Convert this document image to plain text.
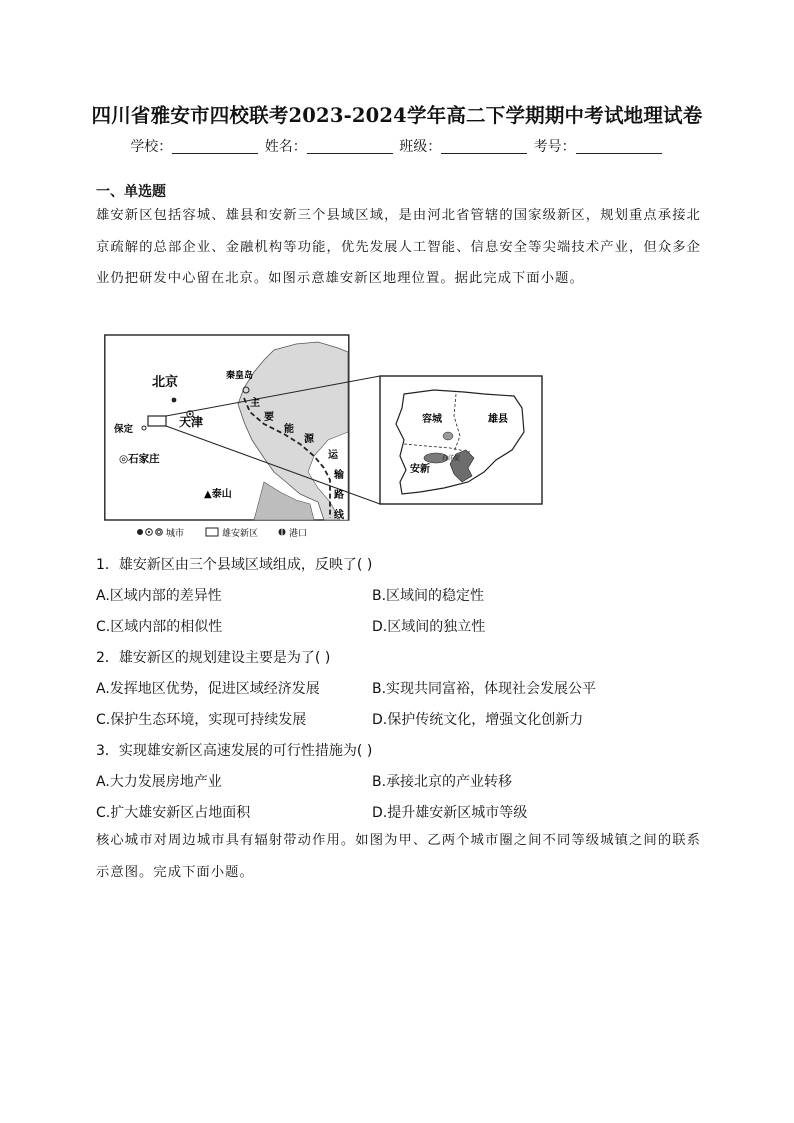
四川省雅安市四校联考2023-2024学年高二下学期期中考试地理试卷
学校：	姓名：	班级：	考号：
一、单选题
雄安新区包括容城、雄县和安新三个县域区域，是由河北省管辖的国家级新区，规划重点承接北京疏解的总部企业、金融机构等功能，优先发展人工智能、信息安全等尖端技术产业，但众多企业仍把研发中心留在北京。如图示意雄安新区地理位置。据此完成下面小题。
北京
天津
保定
◎石家庄
▲泰山
秦皇岛
主
要
能
源
运
输
路
线
容城	雄县
安新
白洋淀
城市	雄安新区	港口
1．雄安新区由三个县域区域组成，反映了( )
A.区域内部的差异性	B.区域间的稳定性
C.区域内部的相似性	D.区域间的独立性
2．雄安新区的规划建设主要是为了( )
A.发挥地区优势，促进区域经济发展	B.实现共同富裕，体现社会发展公平
C.保护生态环境，实现可持续发展	D.保护传统文化，增强文化创新力
3．实现雄安新区高速发展的可行性措施为( )
A.大力发展房地产业	B.承接北京的产业转移
C.扩大雄安新区占地面积	D.提升雄安新区城市等级
核心城市对周边城市具有辐射带动作用。如图为甲、乙两个城市圈之间不同等级城镇之间的联系示意图。完成下面小题。
